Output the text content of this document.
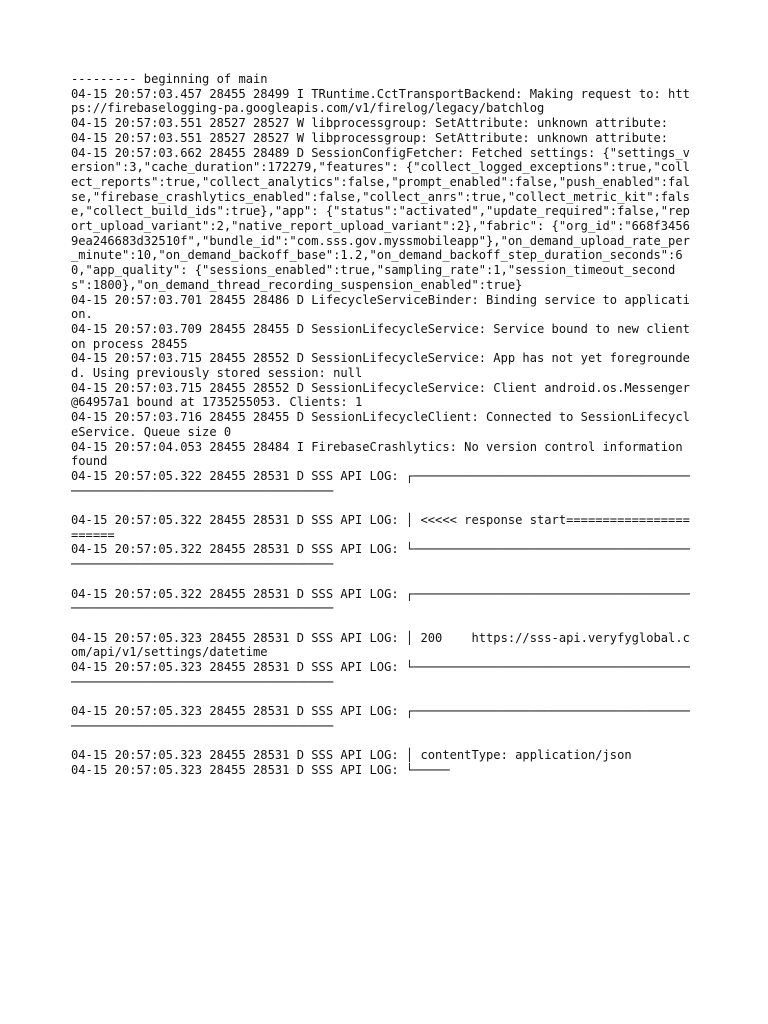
--------- beginning of main
04-15 20:57:03.457 28455 28499 I TRuntime.CctTransportBackend: Making request to: https://firebaselogging-pa.googleapis.com/v1/firelog/legacy/batchlog
04-15 20:57:03.551 28527 28527 W libprocessgroup: SetAttribute: unknown attribute:
04-15 20:57:03.551 28527 28527 W libprocessgroup: SetAttribute: unknown attribute:
04-15 20:57:03.662 28455 28489 D SessionConfigFetcher: Fetched settings: {"settings_version":3,"cache_duration":172279,"features": {"collect_logged_exceptions":true,"collect_reports":true,"collect_analytics":false,"prompt_enabled":false,"push_enabled":false,"firebase_crashlytics_enabled":false,"collect_anrs":true,"collect_metric_kit":false,"collect_build_ids":true},"app": {"status":"activated","update_required":false,"report_upload_variant":2,"native_report_upload_variant":2},"fabric": {"org_id":"668f34569ea246683d32510f","bundle_id":"com.sss.gov.myssmobileapp"},"on_demand_upload_rate_per_minute":10,"on_demand_backoff_base":1.2,"on_demand_backoff_step_duration_seconds":60,"app_quality": {"sessions_enabled":true,"sampling_rate":1,"session_timeout_seconds":1800},"on_demand_thread_recording_suspension_enabled":true}
04-15 20:57:03.701 28455 28486 D LifecycleServiceBinder: Binding service to application.
04-15 20:57:03.709 28455 28455 D SessionLifecycleService: Service bound to new client on process 28455
04-15 20:57:03.715 28455 28552 D SessionLifecycleService: App has not yet foregrounded. Using previously stored session: null
04-15 20:57:03.715 28455 28552 D SessionLifecycleService: Client android.os.Messenger@64957a1 bound at 1735255053. Clients: 1
04-15 20:57:03.716 28455 28455 D SessionLifecycleClient: Connected to SessionLifecycleService. Queue size 0
04-15 20:57:04.053 28455 28484 I FirebaseCrashlytics: No version control information found
04-15 20:57:05.322 28455 28531 D SSS API LOG: ┌──────────────────────────────────────────────────────────────────────────
04-15 20:57:05.322 28455 28531 D SSS API LOG: │ <<<<< response start=======================
04-15 20:57:05.322 28455 28531 D SSS API LOG: └──────────────────────────────────────────────────────────────────────────
04-15 20:57:05.322 28455 28531 D SSS API LOG: ┌──────────────────────────────────────────────────────────────────────────
04-15 20:57:05.323 28455 28531 D SSS API LOG: │ 200    https://sss-api.veryfyglobal.com/api/v1/settings/datetime
04-15 20:57:05.323 28455 28531 D SSS API LOG: └──────────────────────────────────────────────────────────────────────────
04-15 20:57:05.323 28455 28531 D SSS API LOG: ┌──────────────────────────────────────────────────────────────────────────
04-15 20:57:05.323 28455 28531 D SSS API LOG: │ contentType: application/json
04-15 20:57:05.323 28455 28531 D SSS API LOG: └─────
